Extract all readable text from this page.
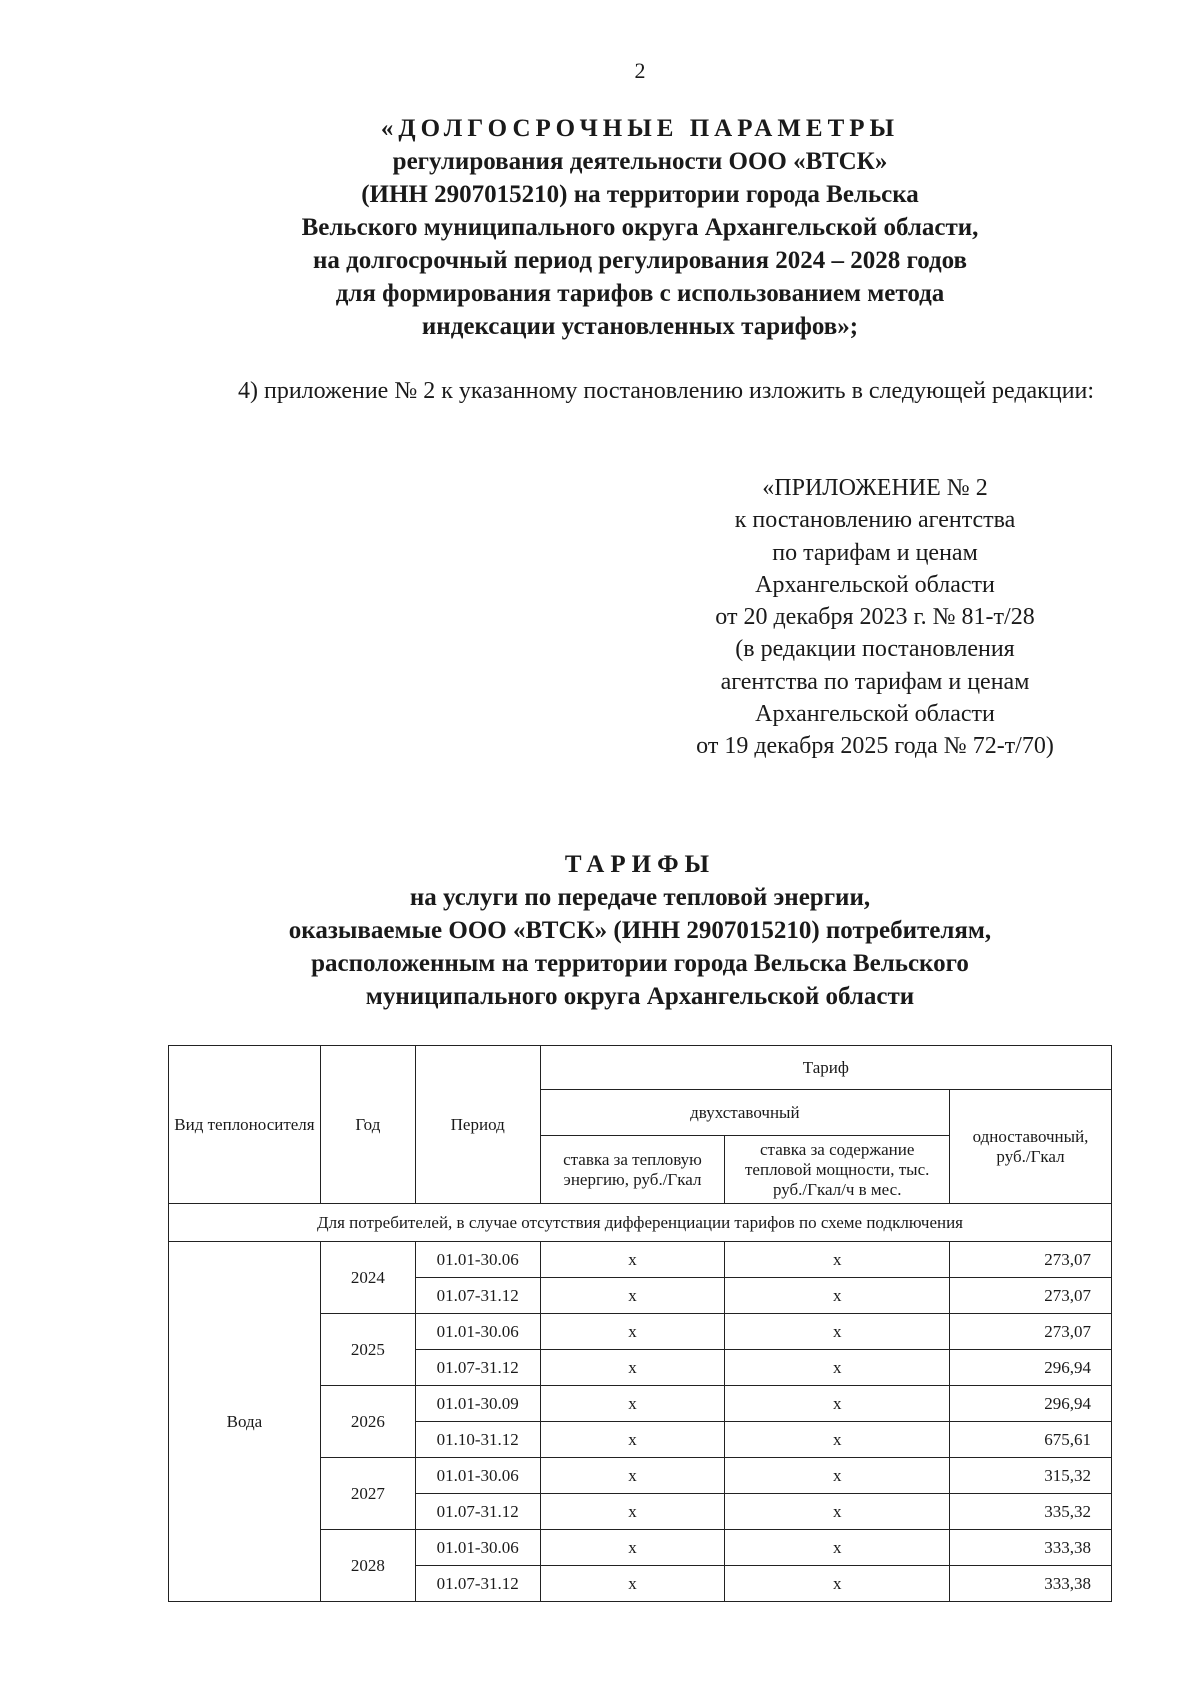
2
«ДОЛГОСРОЧНЫЕ ПАРАМЕТРЫ
регулирования деятельности ООО «ВТСК»
(ИНН 2907015210) на территории города Вельска
Вельского муниципального округа Архангельской области,
на долгосрочный период регулирования 2024 – 2028 годов
для формирования тарифов с использованием метода
индексации установленных тарифов»;
4) приложение № 2 к указанному постановлению изложить в следующей редакции:
«ПРИЛОЖЕНИЕ № 2
к постановлению агентства
по тарифам и ценам
Архангельской области
от 20 декабря 2023 г. № 81-т/28
(в редакции постановления
агентства по тарифам и ценам
Архангельской области
от 19 декабря 2025 года № 72-т/70)
ТАРИФЫ
на услуги по передаче тепловой энергии,
оказываемые ООО «ВТСК» (ИНН 2907015210) потребителям,
расположенным на территории города Вельска Вельского
муниципального округа Архангельской области
Вид теплоносителя	Год	Период	Тариф		
			двухставочный		одноставочный, руб./Гкал
			ставка за тепловую энергию, руб./Гкал	ставка за содержание тепловой мощности, тыс. руб./Гкал/ч в мес.	
Для потребителей, в случае отсутствия дифференциации тарифов по схеме подключения					
Вода	2024	01.01-30.06	х	х	273,07
		01.07-31.12	х	х	273,07
	2025	01.01-30.06	х	х	273,07
		01.07-31.12	х	х	296,94
	2026	01.01-30.09	х	х	296,94
		01.10-31.12	х	х	675,61
	2027	01.01-30.06	х	х	315,32
		01.07-31.12	х	х	335,32
	2028	01.01-30.06	х	х	333,38
		01.07-31.12	х	х	333,38
